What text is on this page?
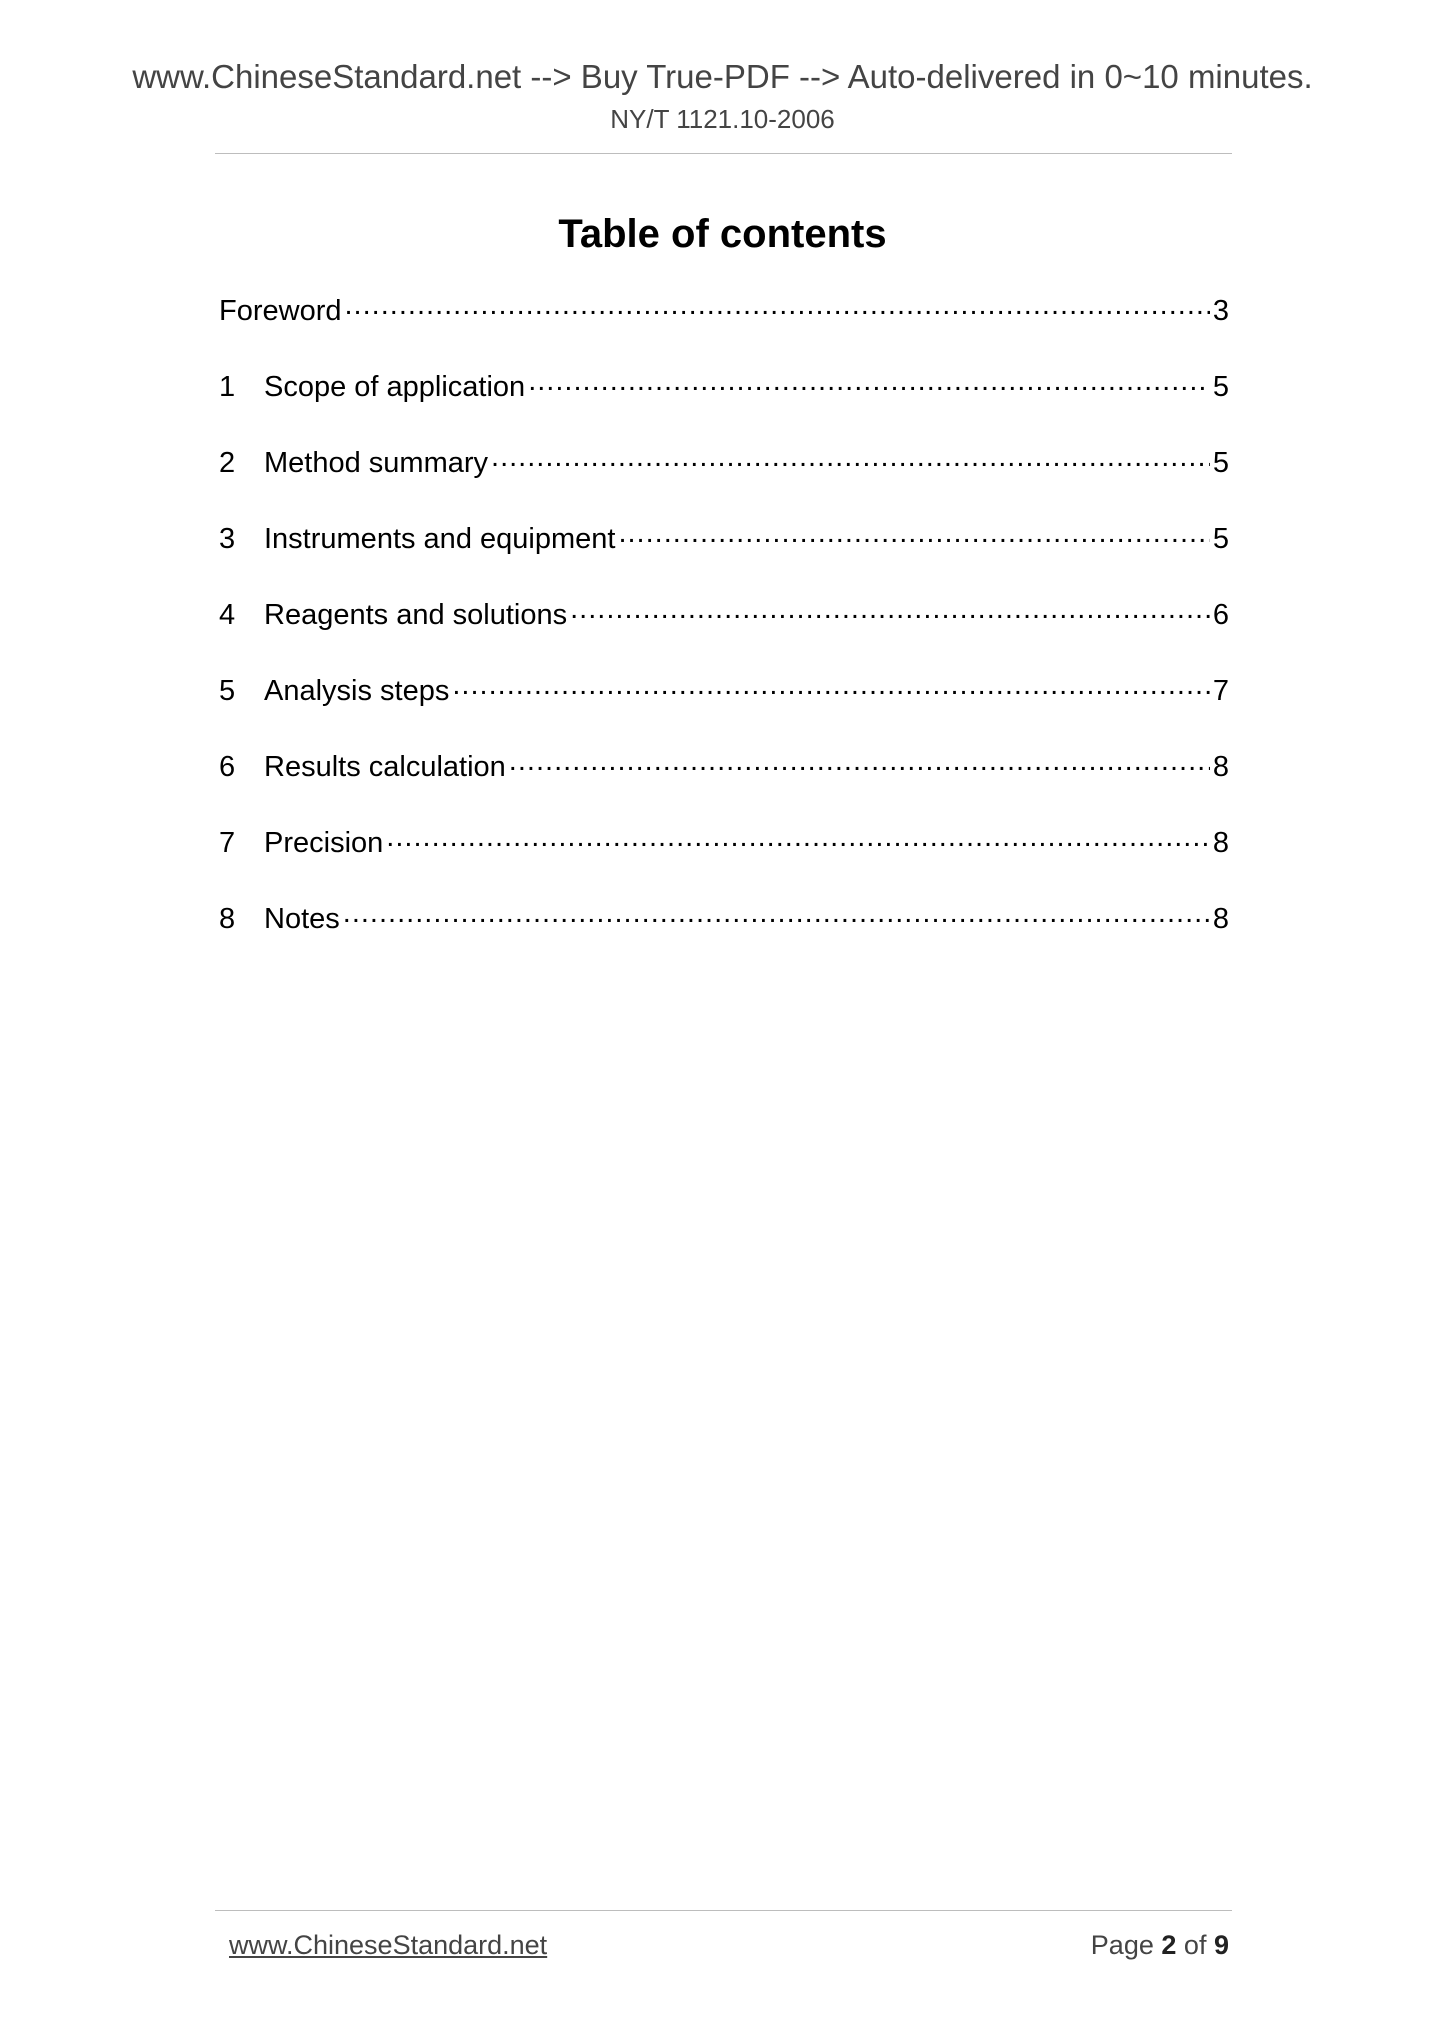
www.ChineseStandard.net --> Buy True-PDF --> Auto-delivered in 0~10 minutes.
NY/T 1121.10-2006
Table of contents
Foreword .....	3
1 Scope of application .....	5
2 Method summary .....	5
3 Instruments and equipment .....	5
4 Reagents and solutions .....	6
5 Analysis steps .....	7
6 Results calculation .....	8
7 Precision .....	8
8 Notes .....	8
www.ChineseStandard.net	Page 2 of 9
